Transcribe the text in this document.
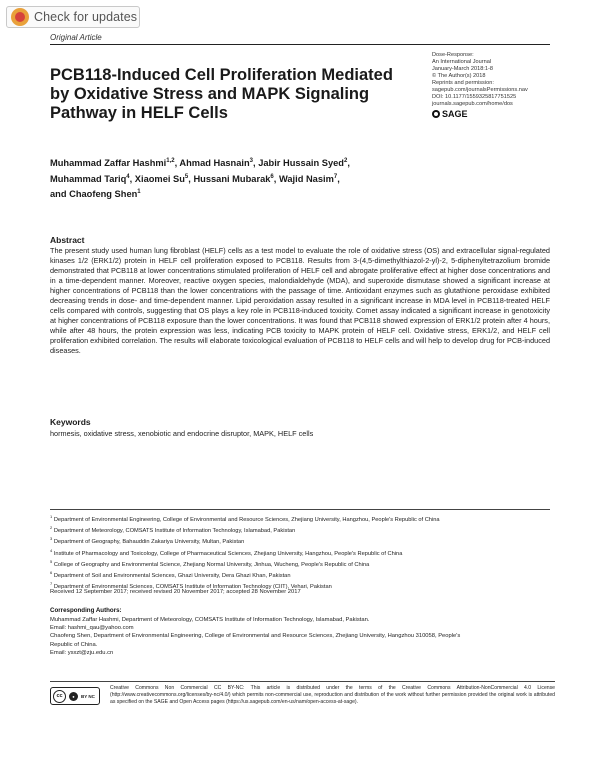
Check for updates
Original Article
PCB118-Induced Cell Proliferation Mediated by Oxidative Stress and MAPK Signaling Pathway in HELF Cells
Dose-Response:
An International Journal
January-March 2018:1-8
© The Author(s) 2018
Reprints and permission:
sagepub.com/journalsPermissions.nav
DOI: 10.1177/1559325817751525
journals.sagepub.com/home/dos
SAGE
Muhammad Zaffar Hashmi$^{1,2}$, Ahmad Hasnain$^3$, Jabir Hussain Syed$^2$,
Muhammad Tariq$^4$, Xiaomei Su$^5$, Hussani Mubarak$^6$, Wajid Nasim$^7$,
and Chaofeng Shen$^1$
Abstract

The present study used human lung fibroblast (HELF) cells as a test model to evaluate the role of oxidative stress (OS) and extracellular signal-regulated kinases 1/2 (ERK1/2) protein in HELF cell proliferation exposed to PCB118. Results from 3-(4,5-dimethylthiazol-2-yl)-2, 5-diphenyltetrazolium bromide demonstrated that PCB118 at lower concentrations stimulated proliferation of HELF cell and abrogate proliferative effect at higher dose concentrations and in a time-dependent manner. Moreover, reactive oxygen species, malondialdehyde (MDA), and superoxide dismutase showed a significant increase at higher concentrations of PCB118 than the lower concentrations with the passage of time. Antioxidant enzymes such as glutathione peroxidase exhibited decreasing trends in dose- and time-dependent manner. Lipid peroxidation assay resulted in a significant increase in MDA level in PCB118-treated HELF cells compared with controls, suggesting that OS plays a key role in PCB118-induced toxicity. Comet assay indicated a significant increase in genotoxicity at higher concentrations of PCB118 exposure than the lower concentrations. It was found that PCB118 showed expression of ERK1/2 protein after 4 hours, while after 48 hours, the protein expression was less, indicating PCB toxicity to MAPK protein of HELF cell. Oxidative stress, ERK1/2, and HELF cell proliferation exhibited correlation. The results will elaborate toxicological evaluation of PCB118 to HELF cells and will help to develop drug for PCB-induced diseases.

Keywords

hormesis, oxidative stress, xenobiotic and endocrine disruptor, MAPK, HELF cells

$^1$ Department of Environmental Engineering, College of Environmental and Resource Sciences, Zhejiang University, Hangzhou, People's Republic of China
$^2$ Department of Meteorology, COMSATS Institute of Information Technology, Islamabad, Pakistan
$^3$ Department of Geography, Bahauddin Zakariya University, Multan, Pakistan
$^4$ Institute of Pharmacology and Toxicology, College of Pharmaceutical Sciences, Zhejiang University, Hangzhou, People's Republic of China
$^5$ College of Geography and Environmental Science, Zhejiang Normal University, Jinhua, Wucheng, People's Republic of China
$^6$ Department of Soil and Environmental Sciences, Ghazi University, Dera Ghazi Khan, Pakistan
$^7$ Department of Environmental Sciences, COMSATS Institute of Information Technology (CIIT), Vehari, Pakistan
Received 12 September 2017; received revised 20 November 2017; accepted 28 November 2017
Corresponding Authors:
Muhammad Zaffar Hashmi, Department of Meteorology, COMSATS Institute of Information Technology, Islamabad, Pakistan.
Email: hashmi_qau@yahoo.com
Chaofeng Shen, Department of Environmental Engineering, College of Environmental and Resource Sciences, Zhejiang University, Hangzhou 310058, People's
Republic of China.
Email: ysxzt@zju.edu.cn
cc	●	BY NC
Creative Commons Non Commercial CC BY-NC: This article is distributed under the terms of the Creative Commons Attribution-NonCommercial 4.0 License (http://www.creativecommons.org/licenses/by-nc/4.0/) which permits non-commercial use, reproduction and distribution of the work without further permission provided the original work is attributed as specified on the SAGE and Open Access pages (https://us.sagepub.com/en-us/nam/open-access-at-sage).
